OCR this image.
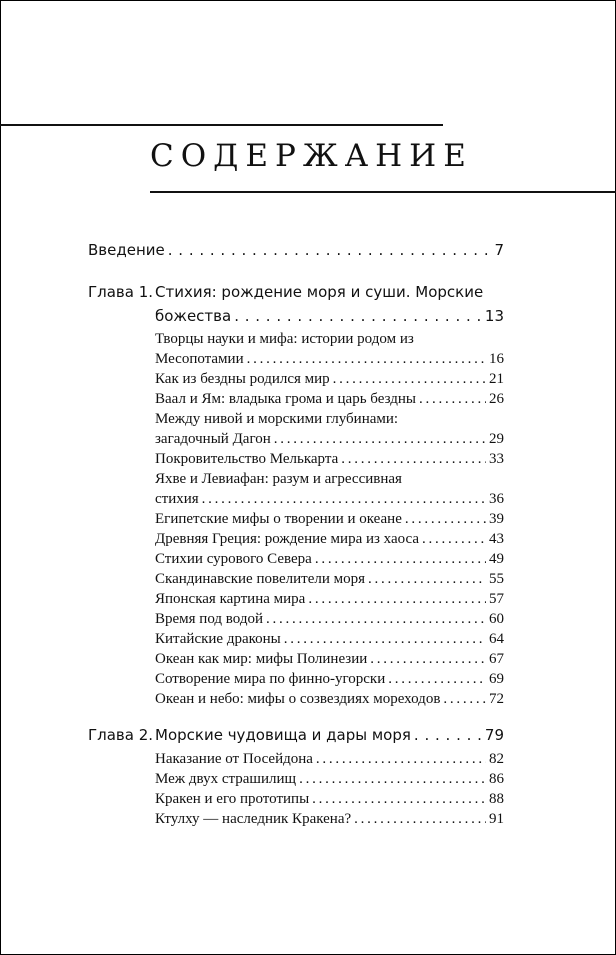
СОДЕРЖАНИЕ
Введение . . .	7
Глава 1. Стихия: рождение моря и суши. Морские
божества . . .	13
Творцы науки и мифа: истории родом из
Месопотамии . . .	16
Как из бездны родился мир . . .	21
Ваал и Ям: владыка грома и царь бездны . . .	26
Между нивой и морскими глубинами:
загадочный Дагон . . .	29
Покровительство Мелькарта . . .	33
Яхве и Левиафан: разум и агрессивная
стихия . . .	36
Египетские мифы о творении и океане . . .	39
Древняя Греция: рождение мира из хаоса . . .	43
Стихии сурового Севера . . .	49
Скандинавские повелители моря . . .	55
Японская картина мира . . .	57
Время под водой . . .	60
Китайские драконы . . .	64
Океан как мир: мифы Полинезии . . .	67
Сотворение мира по финно-угорски . . .	69
Океан и небо: мифы о созвездиях мореходов . . .	72
Глава 2. Морские чудовища и дары моря . . .	79
Наказание от Посейдона . . .	82
Меж двух страшилищ . . .	86
Кракен и его прототипы . . .	88
Ктулху — наследник Кракена? . . .	91
